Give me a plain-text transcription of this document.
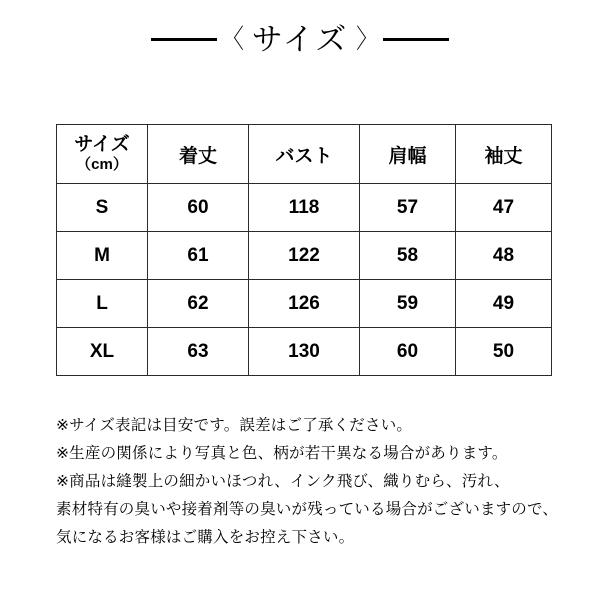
〈 サイズ 〉
サイズ
（cm）	着丈	バスト	肩幅	袖丈
S	60	118	57	47
M	61	122	58	48
L	62	126	59	49
XL	63	130	60	50
※サイズ表記は目安です。誤差はご了承ください。
※生産の関係により写真と色、柄が若干異なる場合があります。
※商品は縫製上の細かいほつれ、インク飛び、織りむら、汚れ、
素材特有の臭いや接着剤等の臭いが残っている場合がございますので、
気になるお客様はご購入をお控え下さい。
